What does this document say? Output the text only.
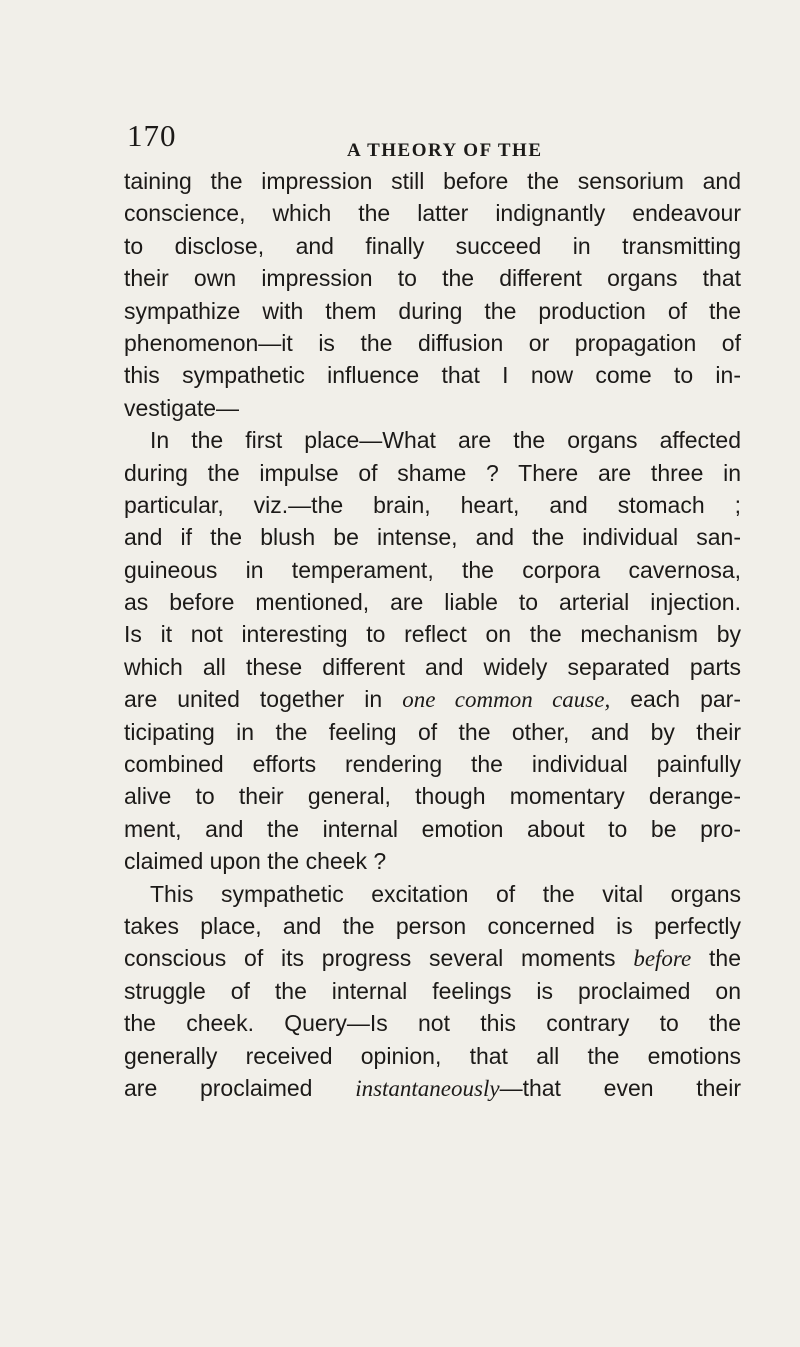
170	A THEORY OF THE
taining the impression still before the sensorium and
conscience, which the latter indignantly endeavour
to disclose, and finally succeed in transmitting
their own impression to the different organs that
sympathize with them during the production of the
phenomenon—it is the diffusion or propagation of
this sympathetic influence that I now come to in-
vestigate—
In the first place—What are the organs affected
during the impulse of shame ? There are three in
particular, viz.—the brain, heart, and stomach ;
and if the blush be intense, and the individual san-
guineous in temperament, the corpora cavernosa,
as before mentioned, are liable to arterial injection.
Is it not interesting to reflect on the mechanism by
which all these different and widely separated parts
are united together in one common cause, each par-
ticipating in the feeling of the other, and by their
combined efforts rendering the individual painfully
alive to their general, though momentary derange-
ment, and the internal emotion about to be pro-
claimed upon the cheek ?
This sympathetic excitation of the vital organs
takes place, and the person concerned is perfectly
conscious of its progress several moments before the
struggle of the internal feelings is proclaimed on
the cheek. Query—Is not this contrary to the
generally received opinion, that all the emotions
are proclaimed instantaneously—that even their
